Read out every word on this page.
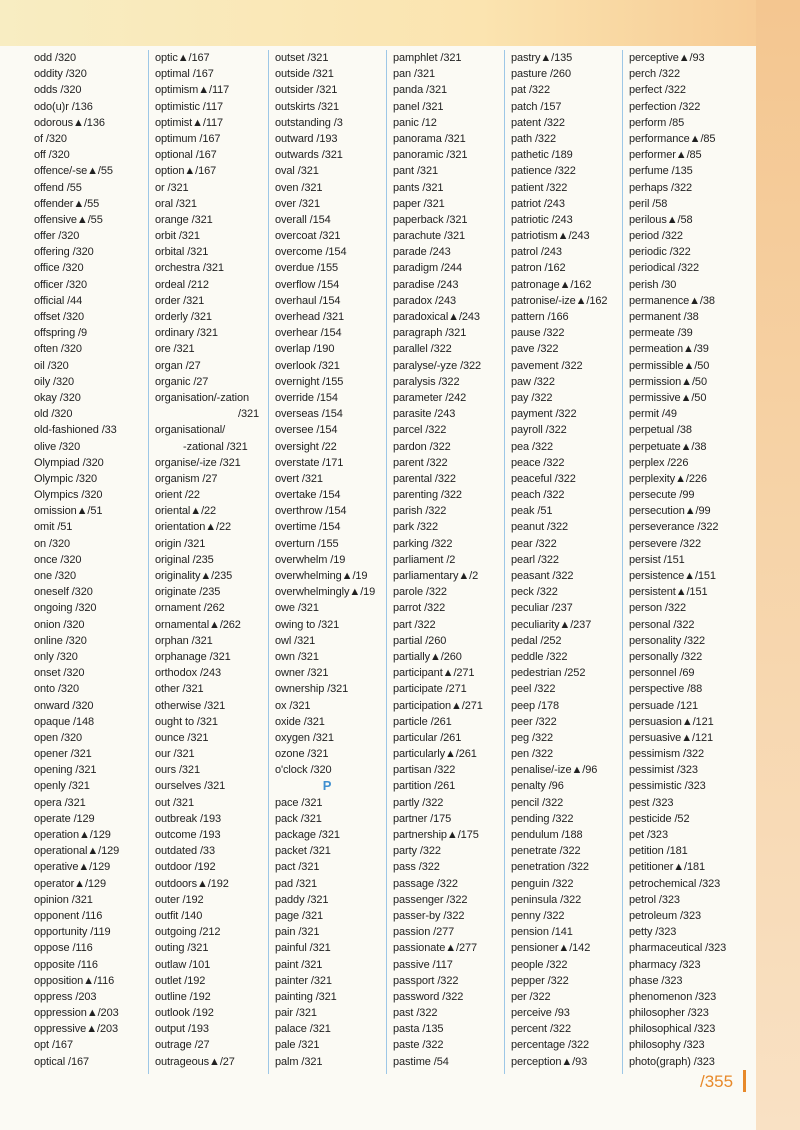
odd /320
oddity /320
odds /320
odo(u)r /136
odorous▲/136
of /320
off /320
offence/-se▲/55
offend /55
offender▲/55
offensive▲/55
offer /320
offering /320
office /320
officer /320
official /44
offset /320
offspring /9
often /320
oil /320
oily /320
okay /320
old /320
old-fashioned /33
olive /320
Olympiad /320
Olympic /320
Olympics /320
omission▲/51
omit /51
on /320
once /320
one /320
oneself /320
ongoing /320
onion /320
online /320
only /320
onset /320
onto /320
onward /320
opaque /148
open /320
opener /321
opening /321
openly /321
opera /321
operate /129
operation▲/129
operational▲/129
operative▲/129
operator▲/129
opinion /321
opponent /116
opportunity /119
oppose /116
opposite /116
opposition▲/116
oppress /203
oppression▲/203
oppressive▲/203
opt /167
optical /167
optic▲/167
optimal /167
optimism▲/117
optimistic /117
optimist▲/117
optimum /167
optional /167
option▲/167
or /321
oral /321
orange /321
orbit /321
orbital /321
orchestra /321
ordeal /212
order /321
orderly /321
ordinary /321
ore /321
organ /27
organic /27
organisation/-zation
/321
organisational/
-zational /321
organise/-ize /321
organism /27
orient /22
oriental▲/22
orientation▲/22
origin /321
original /235
originality▲/235
originate /235
ornament /262
ornamental▲/262
orphan /321
orphanage /321
orthodox /243
other /321
otherwise /321
ought to /321
ounce /321
our /321
ours /321
ourselves /321
out /321
outbreak /193
outcome /193
outdated /33
outdoor /192
outdoors▲/192
outer /192
outfit /140
outgoing /212
outing /321
outlaw /101
outlet /192
outline /192
outlook /192
output /193
outrage /27
outrageous▲/27
outset /321
outside /321
outsider /321
outskirts /321
outstanding /3
outward /193
outwards /321
oval /321
oven /321
over /321
overall /154
overcoat /321
overcome /154
overdue /155
overflow /154
overhaul /154
overhead /321
overhear /154
overlap /190
overlook /321
overnight /155
override /154
overseas /154
oversee /154
oversight /22
overstate /171
overt /321
overtake /154
overthrow /154
overtime /154
overturn /155
overwhelm /19
overwhelming▲/19
overwhelmingly▲/19
owe /321
owing to /321
owl /321
own /321
owner /321
ownership /321
ox /321
oxide /321
oxygen /321
ozone /321
o'clock /320
P
pace /321
pack /321
package /321
packet /321
pact /321
pad /321
paddy /321
page /321
pain /321
painful /321
paint /321
painter /321
painting /321
pair /321
palace /321
pale /321
palm /321
pamphlet /321
pan /321
panda /321
panel /321
panic /12
panorama /321
panoramic /321
pant /321
pants /321
paper /321
paperback /321
parachute /321
parade /243
paradigm /244
paradise /243
paradox /243
paradoxical▲/243
paragraph /321
parallel /322
paralyse/-yze /322
paralysis /322
parameter /242
parasite /243
parcel /322
pardon /322
parent /322
parental /322
parenting /322
parish /322
park /322
parking /322
parliament /2
parliamentary▲/2
parole /322
parrot /322
part /322
partial /260
partially▲/260
participant▲/271
participate /271
participation▲/271
particle /261
particular /261
particularly▲/261
partisan /322
partition /261
partly /322
partner /175
partnership▲/175
party /322
pass /322
passage /322
passenger /322
passer-by /322
passion /277
passionate▲/277
passive /117
passport /322
password /322
past /322
pasta /135
paste /322
pastime /54
pastry▲/135
pasture /260
pat /322
patch /157
patent /322
path /322
pathetic /189
patience /322
patient /322
patriot /243
patriotic /243
patriotism▲/243
patrol /243
patron /162
patronage▲/162
patronise/-ize▲/162
pattern /166
pause /322
pave /322
pavement /322
paw /322
pay /322
payment /322
payroll /322
pea /322
peace /322
peaceful /322
peach /322
peak /51
peanut /322
pear /322
pearl /322
peasant /322
peck /322
peculiar /237
peculiarity▲/237
pedal /252
peddle /322
pedestrian /252
peel /322
peep /178
peer /322
peg /322
pen /322
penalise/-ize▲/96
penalty /96
pencil /322
pending /322
pendulum /188
penetrate /322
penetration /322
penguin /322
peninsula /322
penny /322
pension /141
pensioner▲/142
people /322
pepper /322
per /322
perceive /93
percent /322
percentage /322
perception▲/93
perceptive▲/93
perch /322
perfect /322
perfection /322
perform /85
performance▲/85
performer▲/85
perfume /135
perhaps /322
peril /58
perilous▲/58
period /322
periodic /322
periodical /322
perish /30
permanence▲/38
permanent /38
permeate /39
permeation▲/39
permissible▲/50
permission▲/50
permissive▲/50
permit /49
perpetual /38
perpetuate▲/38
perplex /226
perplexity▲/226
persecute /99
persecution▲/99
perseverance /322
persevere /322
persist /151
persistence▲/151
persistent▲/151
person /322
personal /322
personality /322
personally /322
personnel /69
perspective /88
persuade /121
persuasion▲/121
persuasive▲/121
pessimism /322
pessimist /323
pessimistic /323
pest /323
pesticide /52
pet /323
petition /181
petitioner▲/181
petrochemical /323
petrol /323
petroleum /323
petty /323
pharmaceutical /323
pharmacy /323
phase /323
phenomenon /323
philosopher /323
philosophical /323
philosophy /323
photo(graph) /323
/355
